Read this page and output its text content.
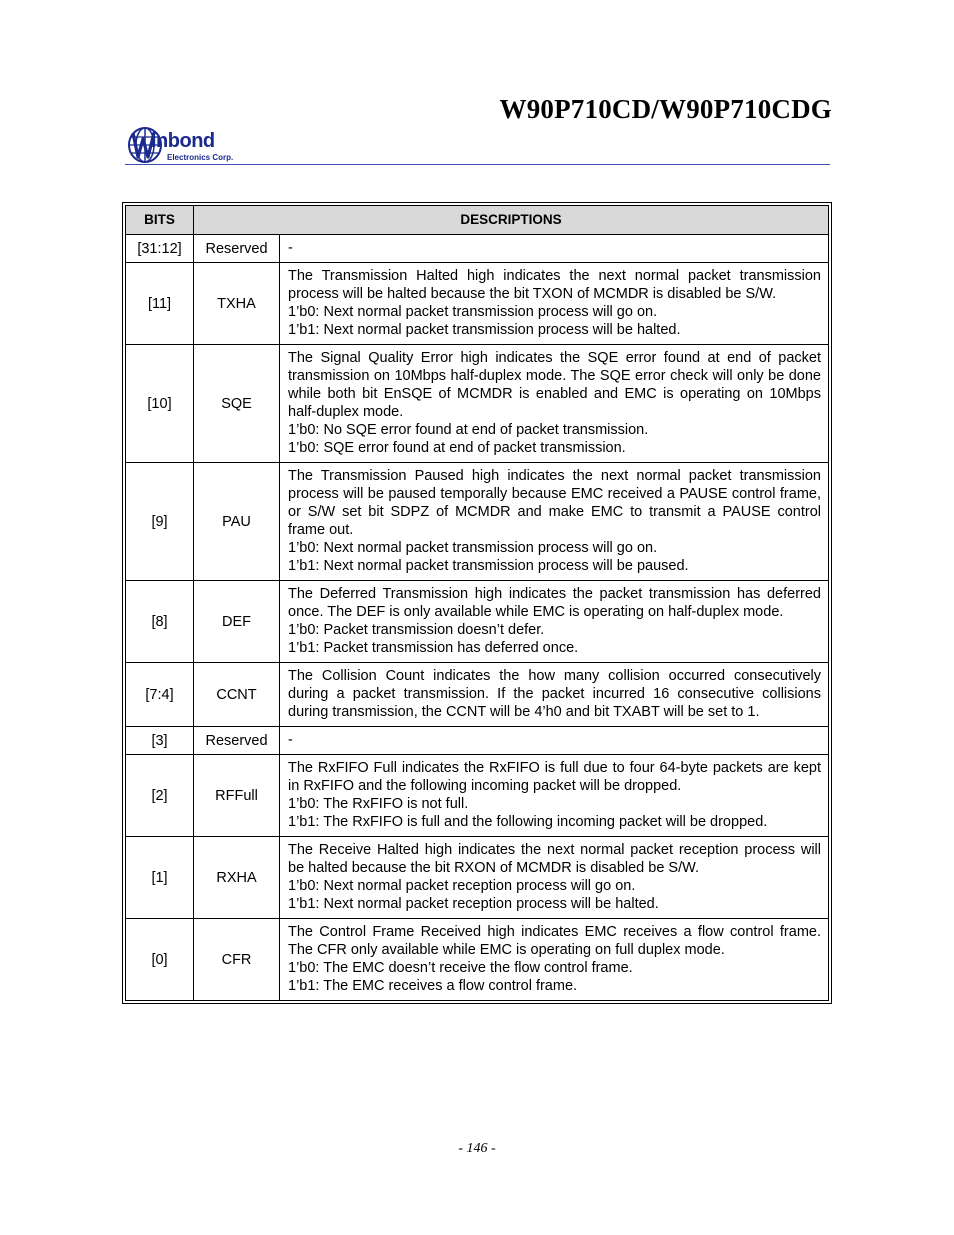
W90P710CD/W90P710CDG
inbond
Electronics Corp.
BITS	DESCRIPTIONS	
[31:12]	Reserved	-

[11]	TXHA	The Transmission Halted high indicates the next normal packet transmission process will be halted because the bit TXON of MCMDR is disabled be S/W.
1’b0: Next normal packet transmission process will go on.
1’b1: Next normal packet transmission process will be halted.

[10]	SQE	The Signal Quality Error high indicates the SQE error found at end of packet transmission on 10Mbps half-duplex mode. The SQE error check will only be done while both bit EnSQE of MCMDR is enabled and EMC is operating on 10Mbps half-duplex mode.
1’b0: No SQE error found at end of packet transmission.
1’b0: SQE error found at end of packet transmission.

[9]	PAU	The Transmission Paused high indicates the next normal packet transmission process will be paused temporally because EMC received a PAUSE control frame, or S/W set bit SDPZ of MCMDR and make EMC to transmit a PAUSE control frame out.
1’b0: Next normal packet transmission process will go on.
1’b1: Next normal packet transmission process will be paused.

[8]	DEF	The Deferred Transmission high indicates the packet transmission has deferred once. The DEF is only available while EMC is operating on half-duplex mode.
1’b0: Packet transmission doesn’t defer.
1’b1: Packet transmission has deferred once.

[7:4]	CCNT	The Collision Count indicates the how many collision occurred consecutively during a packet transmission. If the packet incurred 16 consecutive collisions during transmission, the CCNT will be 4’h0 and bit TXABT will be set to 1.

[3]	Reserved	-

[2]	RFFull	The RxFIFO Full indicates the RxFIFO is full due to four 64-byte packets are kept in RxFIFO and the following incoming packet will be dropped.
1’b0: The RxFIFO is not full.
1’b1: The RxFIFO is full and the following incoming packet will be dropped.

[1]	RXHA	The Receive Halted high indicates the next normal packet reception process will be halted because the bit RXON of MCMDR is disabled be S/W.
1’b0: Next normal packet reception process will go on.
1’b1: Next normal packet reception process will be halted.

[0]	CFR	The Control Frame Received high indicates EMC receives a flow control frame. The CFR only available while EMC is operating on full duplex mode.
1’b0: The EMC doesn’t receive the flow control frame.
1’b1: The EMC receives a flow control frame.
- 146 -
